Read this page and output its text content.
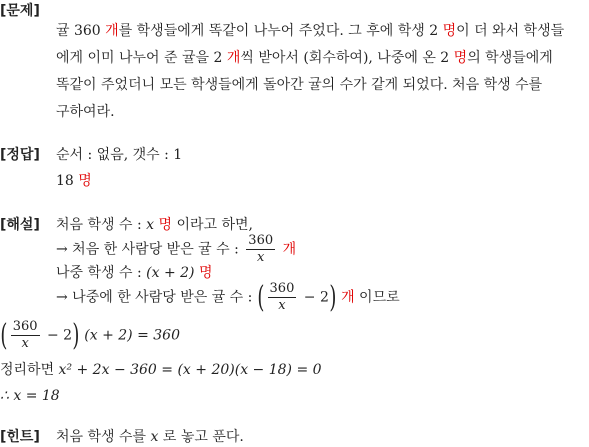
[문제]
귤 360 개를 학생들에게 똑같이 나누어 주었다. 그 후에 학생 2 명이 더 와서 학생들
에게 이미 나누어 준 귤을 2 개씩 받아서 (회수하여), 나중에 온 2 명의 학생들에게
똑같이 주었더니 모든 학생들에게 돌아간 귤의 수가 같게 되었다. 처음 학생 수를
구하여라.
[정답] 순서 : 없음, 갯수 : 1
18 명
[해설] 처음 학생 수 : x 명 이라고 하면,
→ 처음 한 사람당 받은 귤 수 : $\frac{360}{x}$ 개
나중 학생 수 : (x + 2) 명
→ 나중에 한 사람당 받은 귤 수 : ( $\frac{360}{x} - 2$) 개 이므로
( $\frac{360}{x} - 2$) (x + 2) = 360
정리하면 x² + 2x − 360 = (x + 20)(x − 18) = 0
∴ x = 18
[힌트] 처음 학생 수를 x 로 놓고 푼다.
